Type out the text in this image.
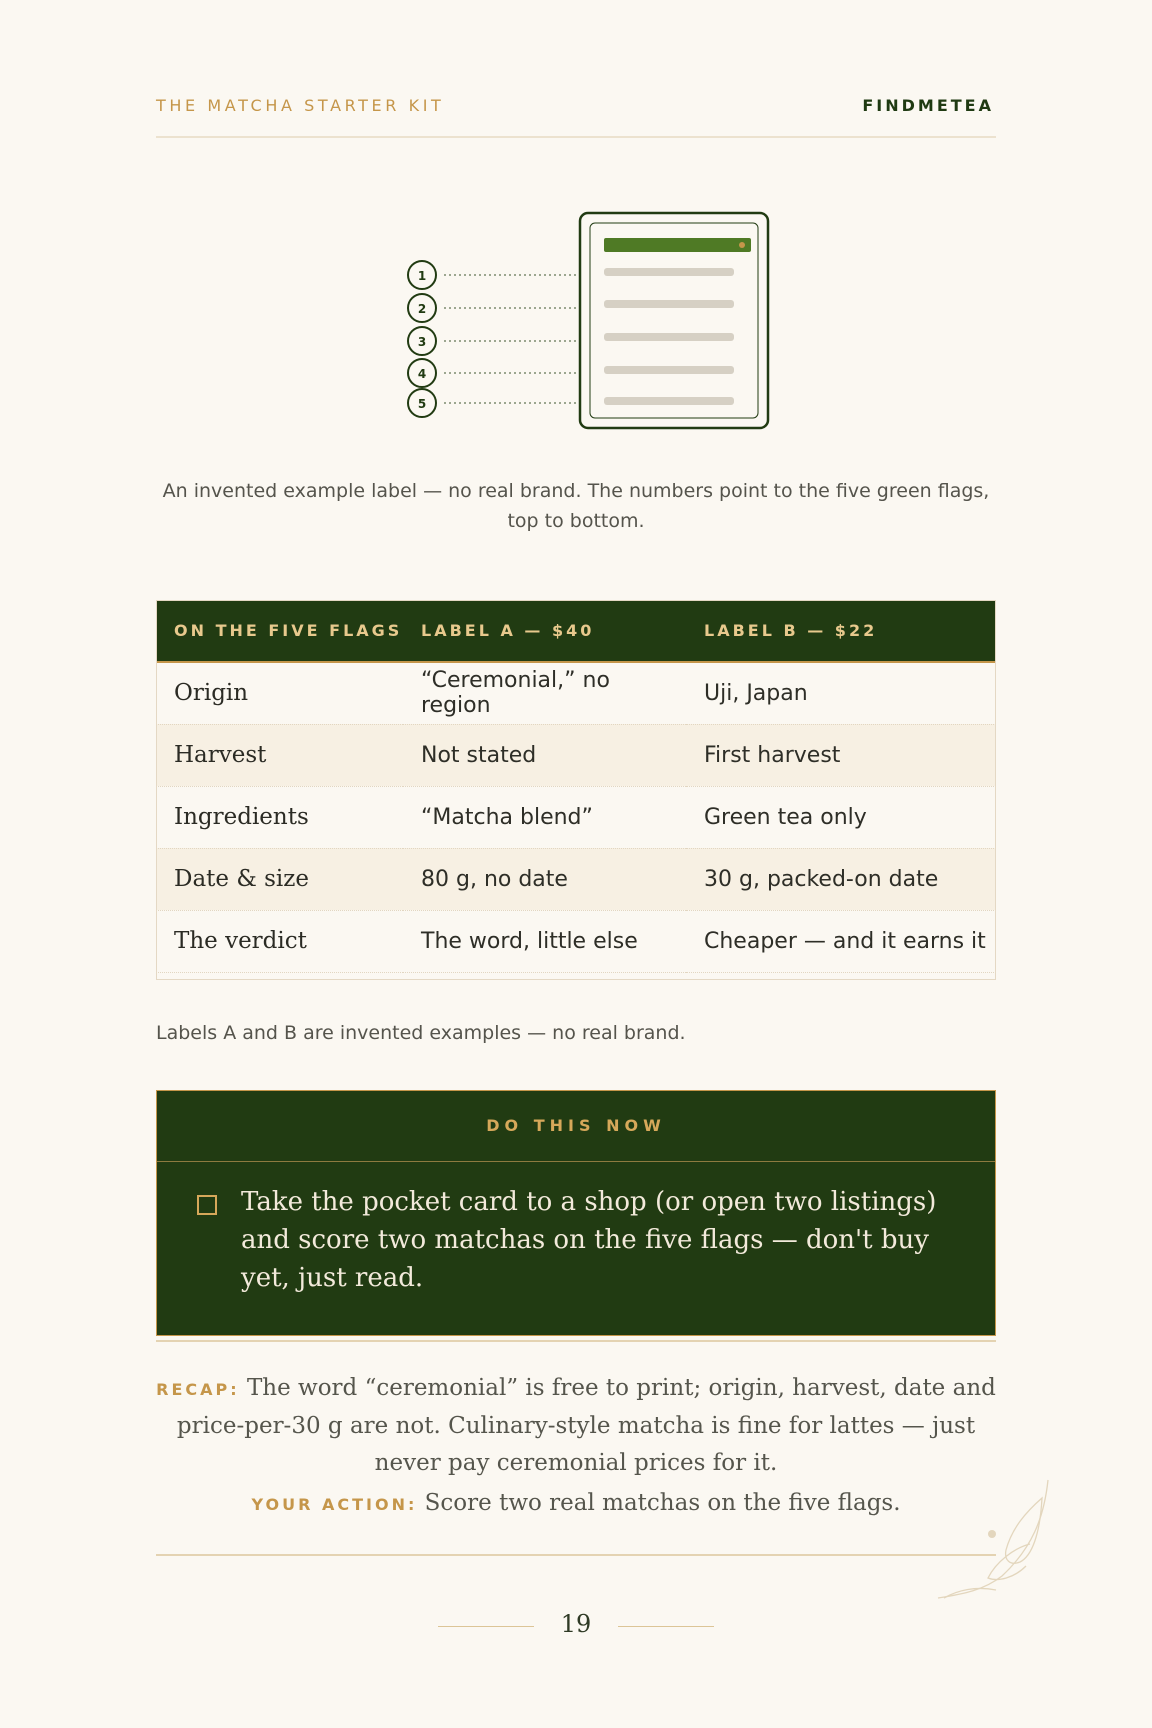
THE MATCHA STARTER KIT	FINDMETEA
1
2
3
4
5
An invented example label — no real brand. The numbers point to the five green flags, top to bottom.
ON THE FIVE FLAGS	LABEL A — $40	LABEL B — $22
Origin	“Ceremonial,” no region	Uji, Japan
Harvest	Not stated	First harvest
Ingredients	“Matcha blend”	Green tea only
Date & size	80 g, no date	30 g, packed-on date
The verdict	The word, little else	Cheaper — and it earns it
Labels A and B are invented examples — no real brand.
DO THIS NOW
Take the pocket card to a shop (or open two listings) and score two matchas on the five flags — don't buy yet, just read.
RECAP: The word “ceremonial” is free to print; origin, harvest, date and price-per-30 g are not. Culinary-style matcha is fine for lattes — just never pay ceremonial prices for it.
YOUR ACTION: Score two real matchas on the five flags.
19
